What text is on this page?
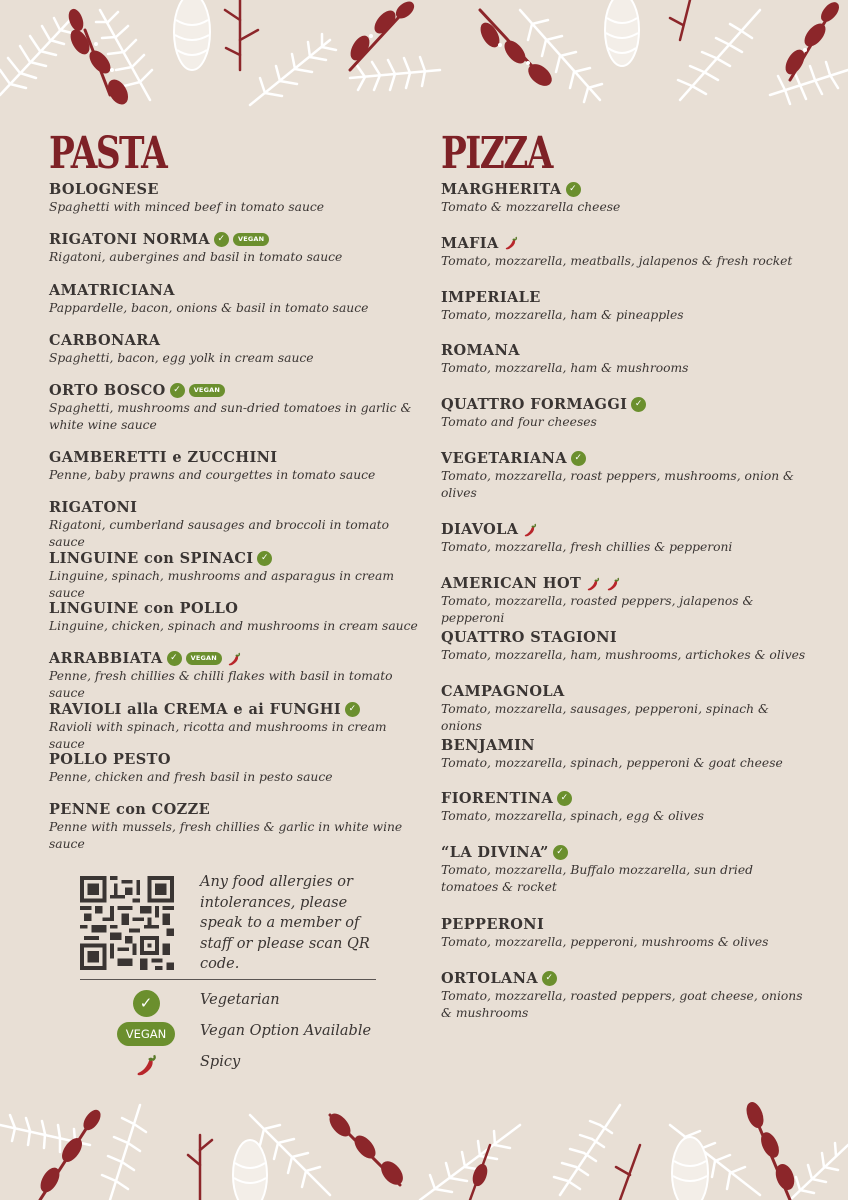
PASTA
BOLOGNESE
Spaghetti with minced beef in tomato sauce
RIGATONI NORMA ✓	VEGAN
Rigatoni, aubergines and basil in tomato sauce
AMATRICIANA
Pappardelle, bacon, onions & basil in tomato sauce
CARBONARA
Spaghetti, bacon, egg yolk in cream sauce
ORTO BOSCO ✓	VEGAN
Spaghetti, mushrooms and sun-dried tomatoes in garlic & white wine sauce
GAMBERETTI e ZUCCHINI
Penne, baby prawns and courgettes in tomato sauce
RIGATONI
Rigatoni, cumberland sausages and broccoli in tomato sauce
LINGUINE con SPINACI ✓
Linguine, spinach, mushrooms and asparagus in cream sauce
LINGUINE con POLLO
Linguine, chicken, spinach and mushrooms in cream sauce
ARRABBIATA ✓	VEGAN
Penne, fresh chillies & chilli flakes with basil in tomato sauce
RAVIOLI alla CREMA e ai FUNGHI ✓
Ravioli with spinach, ricotta and mushrooms in cream sauce
POLLO PESTO
Penne, chicken and fresh basil in pesto sauce
PENNE con COZZE
Penne with mussels, fresh chillies & garlic in white wine sauce
PIZZA
MARGHERITA ✓
Tomato & mozzarella cheese
MAFIA
Tomato, mozzarella, meatballs, jalapenos & fresh rocket
IMPERIALE
Tomato, mozzarella, ham & pineapples
ROMANA
Tomato, mozzarella, ham & mushrooms
QUATTRO FORMAGGI ✓
Tomato and four cheeses
VEGETARIANA ✓
Tomato, mozzarella, roast peppers, mushrooms, onion & olives
DIAVOLA
Tomato, mozzarella, fresh chillies & pepperoni
AMERICAN HOT
Tomato, mozzarella, roasted peppers, jalapenos & pepperoni
QUATTRO STAGIONI
Tomato, mozzarella, ham, mushrooms, artichokes & olives
CAMPAGNOLA
Tomato, mozzarella, sausages, pepperoni, spinach & onions
BENJAMIN
Tomato, mozzarella, spinach, pepperoni & goat cheese
FIORENTINA ✓
Tomato, mozzarella, spinach, egg & olives
“LA DIVINA” ✓
Tomato, mozzarella, Buffalo mozzarella, sun dried tomatoes & rocket
PEPPERONI
Tomato, mozzarella, pepperoni, mushrooms & olives
ORTOLANA ✓
Tomato, mozzarella, roasted peppers, goat cheese, onions & mushrooms
Any food allergies or intolerances, please speak to a member of staff or please scan QR code.
✓	Vegetarian
VEGAN	Vegan Option Available
Spicy
